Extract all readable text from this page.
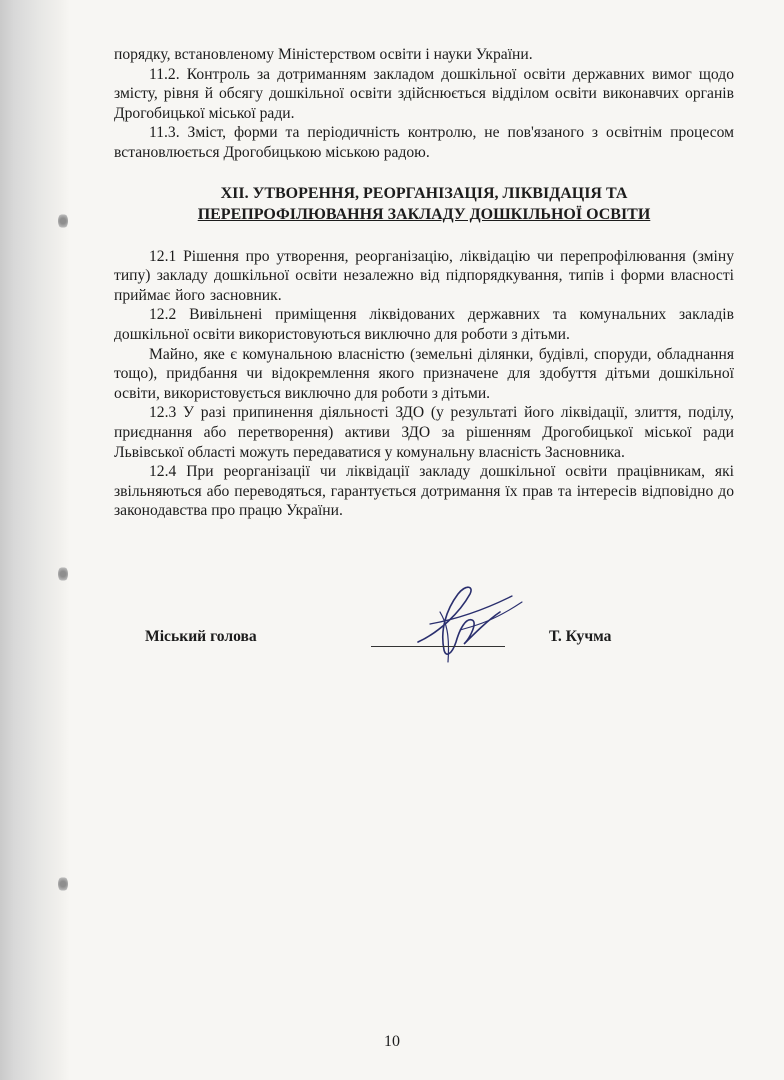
порядку, встановленому Міністерством освіти і науки України.

11.2. Контроль за дотриманням закладом дошкільної освіти державних вимог щодо змісту, рівня й обсягу дошкільної освіти здійснюється відділом освіти виконавчих органів Дрогобицької міської ради.

11.3. Зміст, форми та періодичність контролю, не пов'язаного з освітнім процесом встановлюється Дрогобицькою міською радою.

XII. УТВОРЕННЯ, РЕОРГАНІЗАЦІЯ, ЛІКВІДАЦІЯ ТА
ПЕРЕПРОФІЛЮВАННЯ ЗАКЛАДУ ДОШКІЛЬНОЇ ОСВІТИ

12.1 Рішення про утворення, реорганізацію, ліквідацію чи перепрофілювання (зміну типу) закладу дошкільної освіти незалежно від підпорядкування, типів і форми власності приймає його засновник.

12.2 Вивільнені приміщення ліквідованих державних та комунальних закладів дошкільної освіти використовуються виключно для роботи з дітьми.

Майно, яке є комунальною власністю (земельні ділянки, будівлі, споруди, обладнання тощо), придбання чи відокремлення якого призначене для здобуття дітьми дошкільної освіти, використовується виключно для роботи з дітьми.

12.3 У разі припинення діяльності ЗДО (у результаті його ліквідації, злиття, поділу, приєднання або перетворення) активи ЗДО за рішенням Дрогобицької міської ради Львівської області можуть передаватися у комунальну власність Засновника.

12.4 При реорганізації чи ліквідації закладу дошкільної освіти працівникам, які звільняються або переводяться, гарантується дотримання їх прав та інтересів відповідно до законодавства про працю України.

Міський голова	Т. Кучма
10
